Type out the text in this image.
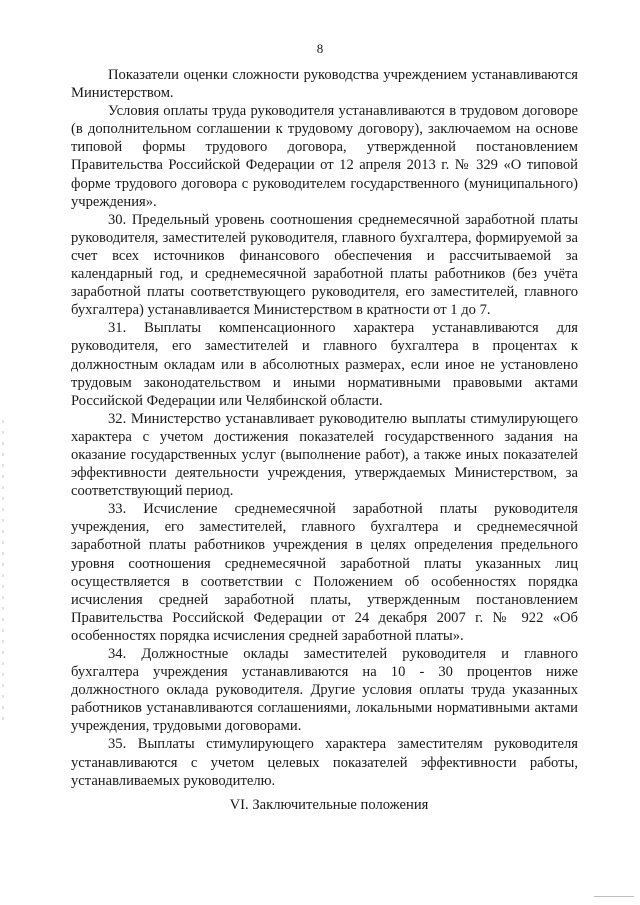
8

Показатели оценки сложности руководства учреждением устанавливаются Министерством.

Условия оплаты труда руководителя устанавливаются в трудовом договоре (в дополнительном соглашении к трудовому договору), заключаемом на основе типовой формы трудового договора, утвержденной постановлением Правительства Российской Федерации от 12 апреля 2013 г. № 329 «О типовой форме трудового договора с руководителем государственного (муниципального) учреждения».

30. Предельный уровень соотношения среднемесячной заработной платы руководителя, заместителей руководителя, главного бухгалтера, формируемой за счет всех источников финансового обеспечения и рассчитываемой за календарный год, и среднемесячной заработной платы работников (без учёта заработной платы соответствующего руководителя, его заместителей, главного бухгалтера) устанавливается Министерством в кратности от 1 до 7.

31. Выплаты компенсационного характера устанавливаются для руководителя, его заместителей и главного бухгалтера в процентах к должностным окладам или в абсолютных размерах, если иное не установлено трудовым законодательством и иными нормативными правовыми актами Российской Федерации или Челябинской области.

32. Министерство устанавливает руководителю выплаты стимулирующего характера с учетом достижения показателей государственного задания на оказание государственных услуг (выполнение работ), а также иных показателей эффективности деятельности учреждения, утверждаемых Министерством, за соответствующий период.

33. Исчисление среднемесячной заработной платы руководителя учреждения, его заместителей, главного бухгалтера и среднемесячной заработной платы работников учреждения в целях определения предельного уровня соотношения среднемесячной заработной платы указанных лиц осуществляется в соответствии с Положением об особенностях порядка исчисления средней заработной платы, утвержденным постановлением Правительства Российской Федерации от 24 декабря 2007 г. № 922 «Об особенностях порядка исчисления средней заработной платы».

34. Должностные оклады заместителей руководителя и главного бухгалтера учреждения устанавливаются на 10 - 30 процентов ниже должностного оклада руководителя. Другие условия оплаты труда указанных работников устанавливаются соглашениями, локальными нормативными актами учреждения, трудовыми договорами.

35. Выплаты стимулирующего характера заместителям руководителя устанавливаются с учетом целевых показателей эффективности работы, устанавливаемых руководителю.

VI. Заключительные положения
